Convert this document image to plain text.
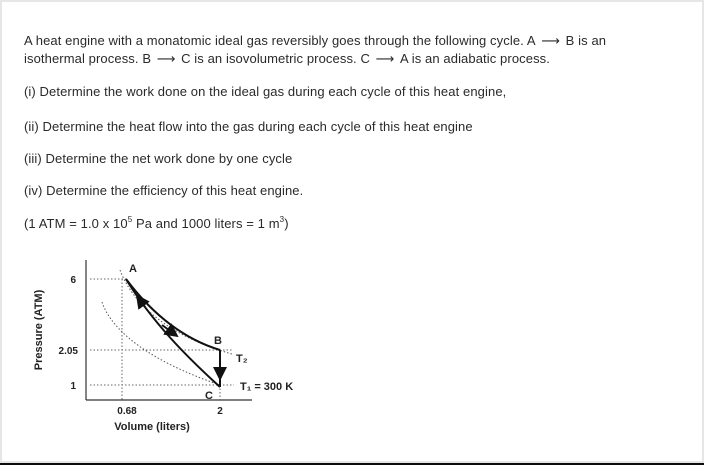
A heat engine with a monatomic ideal gas reversibly goes through the following cycle. A ⟶ B is an

isothermal process. B ⟶ C is an isovolumetric process. C ⟶ A is an adiabatic process.

(i) Determine the work done on the ideal gas during each cycle of this heat engine,

(ii) Determine the heat flow into the gas during each cycle of this heat engine

(iii) Determine the net work done by one cycle

(iv) Determine the efficiency of this heat engine.

(1 ATM = 1.0 x $10^5$ Pa and 1000 liters = 1 $m^3$)

Pressure (ATM)
Volume (liters)
6
2.05
1
0.68	2
A
B
C
T₂
T₁ = 300 K
